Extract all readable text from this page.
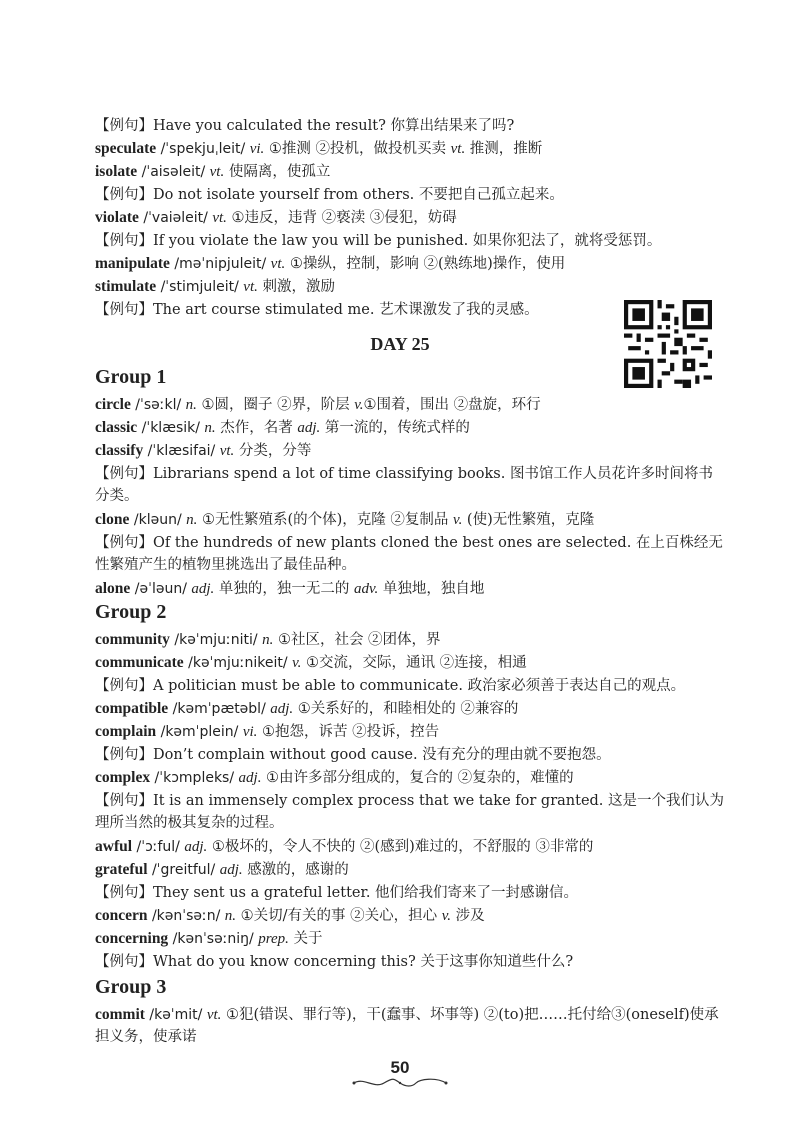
【例句】Have you calculated the result? 你算出结果来了吗?
speculate /ˈspekjuˌleit/ vi. ①推测 ②投机，做投机买卖 vt. 推测，推断
isolate /ˈaisəleit/ vt. 使隔离，使孤立
【例句】Do not isolate yourself from others. 不要把自己孤立起来。
violate /ˈvaiəleit/ vt. ①违反，违背 ②亵渎 ③侵犯，妨碍
【例句】If you violate the law you will be punished. 如果你犯法了，就将受惩罚。
manipulate /məˈnipjuleit/ vt. ①操纵，控制，影响 ②(熟练地)操作，使用
stimulate /ˈstimjuleit/ vt. 刺激，激励
【例句】The art course stimulated me. 艺术课激发了我的灵感。
DAY 25
Group 1
circle /ˈsəːkl/ n. ①圆，圈子 ②界，阶层 v.①围着，围出 ②盘旋，环行
classic /ˈklæsik/ n. 杰作，名著 adj. 第一流的，传统式样的
classify /ˈklæsifai/ vt. 分类，分等
【例句】Librarians spend a lot of time classifying books. 图书馆工作人员花许多时间将书分类。
clone /kləun/ n. ①无性繁殖系(的个体)，克隆 ②复制品 v. (使)无性繁殖，克隆
【例句】Of the hundreds of new plants cloned the best ones are selected. 在上百株经无性繁殖产生的植物里挑选出了最佳品种。
alone /əˈləun/ adj. 单独的，独一无二的 adv. 单独地，独自地
Group 2
community /kəˈmjuːniti/ n. ①社区，社会 ②团体，界
communicate /kəˈmjuːnikeit/ v. ①交流，交际，通讯 ②连接，相通
【例句】A politician must be able to communicate. 政治家必须善于表达自己的观点。
compatible /kəmˈpætəbl/ adj. ①关系好的，和睦相处的 ②兼容的
complain /kəmˈplein/ vi. ①抱怨，诉苦 ②投诉，控告
【例句】Don’t complain without good cause. 没有充分的理由就不要抱怨。
complex /ˈkɔmpleks/ adj. ①由许多部分组成的，复合的 ②复杂的，难懂的
【例句】It is an immensely complex process that we take for granted. 这是一个我们认为理所当然的极其复杂的过程。
awful /ˈɔːful/ adj. ①极坏的，令人不快的 ②(感到)难过的，不舒服的 ③非常的
grateful /ˈgreitful/ adj. 感激的，感谢的
【例句】They sent us a grateful letter. 他们给我们寄来了一封感谢信。
concern /kənˈsəːn/ n. ①关切/有关的事 ②关心，担心 v. 涉及
concerning /kənˈsəːniŋ/ prep. 关于
【例句】What do you know concerning this? 关于这事你知道些什么?
Group 3
commit /kəˈmit/ vt. ①犯(错误、罪行等)，干(蠢事、坏事等) ②(to)把……托付给③(oneself)使承担义务，使承诺
50
